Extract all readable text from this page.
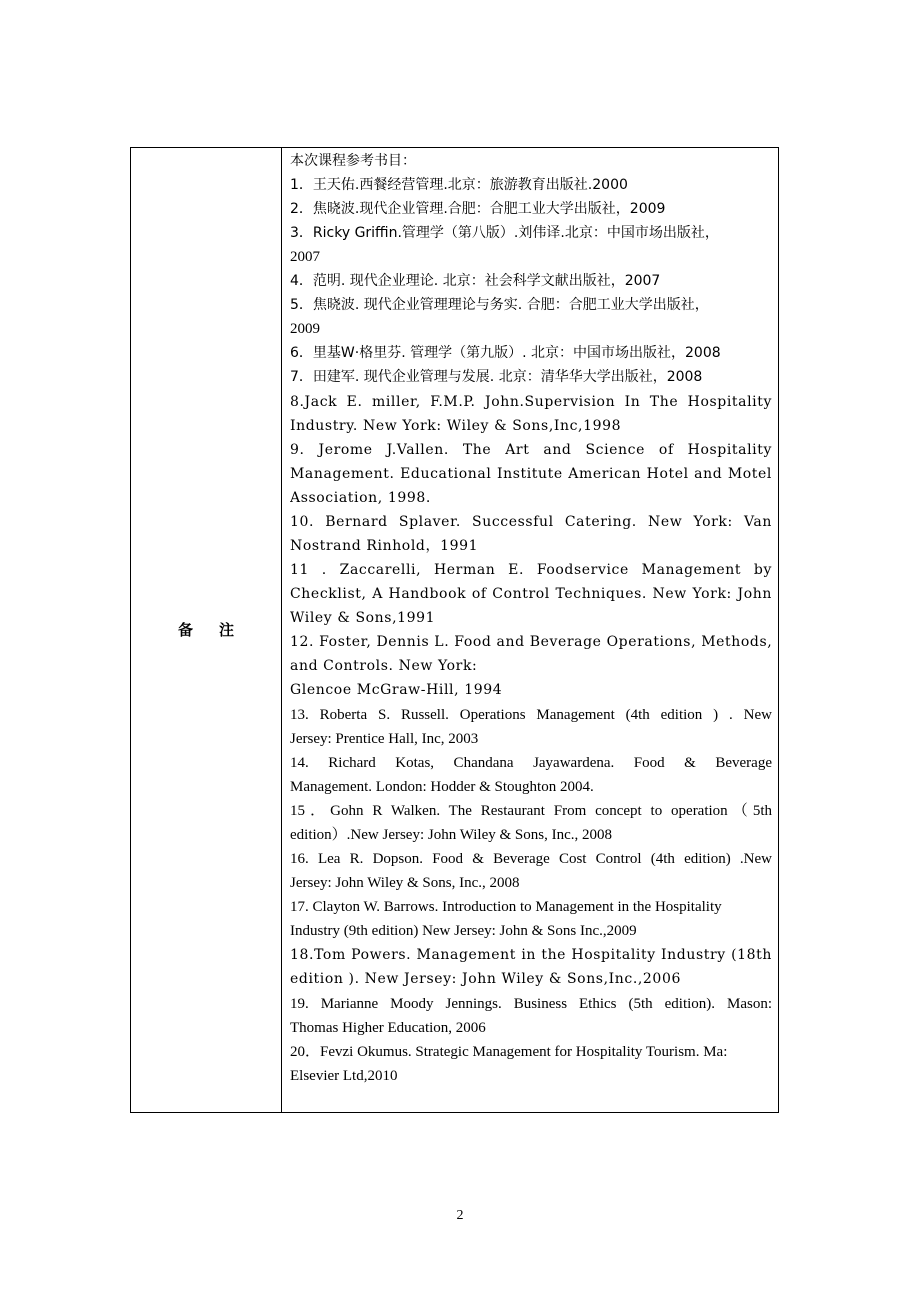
备注
本次课程参考书目：
1．王天佑.西餐经营管理.北京：旅游教育出版社.2000
2．焦晓波.现代企业管理.合肥：合肥工业大学出版社，2009
3．Ricky Griffin.管理学（第八版）.刘伟译.北京：中国市场出版社，
2007
4．范明. 现代企业理论. 北京：社会科学文献出版社，2007
5．焦晓波. 现代企业管理理论与务实. 合肥：合肥工业大学出版社，
2009
6．里基W·格里芬. 管理学（第九版）. 北京：中国市场出版社，2008
7．田建军. 现代企业管理与发展. 北京：清华华大学出版社，2008
8.Jack E. miller, F.M.P. John.Supervision In The Hospitality
Industry. New York: Wiley & Sons,Inc,1998
9. Jerome J.Vallen. The Art and Science of Hospitality
Management. Educational Institute American Hotel and Motel
Association, 1998.
10. Bernard Splaver. Successful Catering. New York: Van
Nostrand Rinhold，1991
11 . Zaccarelli, Herman E. Foodservice Management by
Checklist, A Handbook of Control Techniques. New York: John
Wiley & Sons,1991
12. Foster, Dennis L. Food and Beverage Operations, Methods,
and Controls. New York:
Glencoe McGraw-Hill, 1994
13. Roberta S. Russell. Operations Management (4th edition ) . New
Jersey: Prentice Hall, Inc, 2003
14. Richard Kotas, Chandana Jayawardena. Food & Beverage
Management. London: Hodder & Stoughton 2004.
15．Gohn R Walken. The Restaurant From concept to operation（5th
edition）.New Jersey: John Wiley & Sons, Inc., 2008
16. Lea R. Dopson. Food & Beverage Cost Control (4th edition) .New
Jersey: John Wiley & Sons, Inc., 2008
17. Clayton W. Barrows. Introduction to Management in the Hospitality
Industry (9th edition) New Jersey: John & Sons Inc.,2009
18.Tom Powers. Management in the Hospitality Industry (18th
edition ). New Jersey: John Wiley & Sons,Inc.,2006
19. Marianne Moody Jennings. Business Ethics (5th edition). Mason:
Thomas Higher Education, 2006
20．Fevzi Okumus. Strategic Management for Hospitality Tourism. Ma:
Elsevier Ltd,2010
2
